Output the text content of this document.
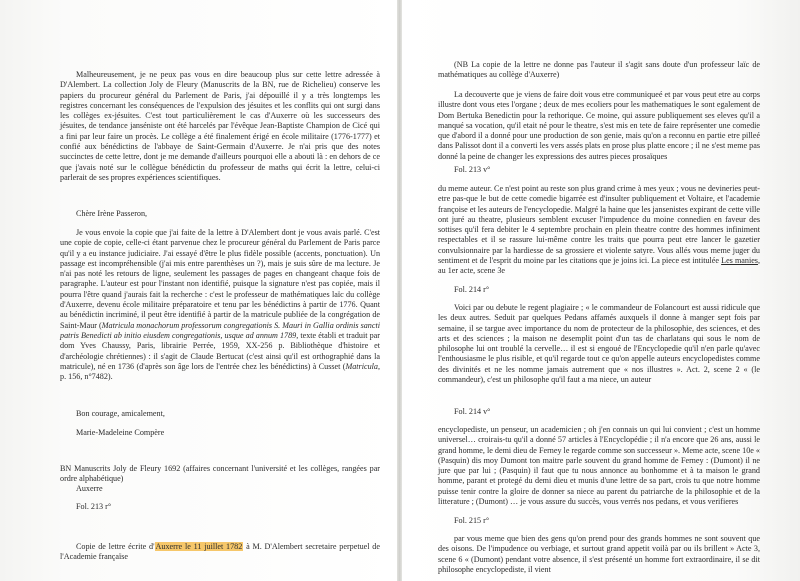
Malheureusement, je ne peux pas vous en dire beaucoup plus sur cette lettre adressée à D'Alembert. La collection Joly de Fleury (Manuscrits de la BN, rue de Richelieu) conserve les papiers du procureur général du Parlement de Paris, j'ai dépouillé il y a très longtemps les registres concernant les conséquences de l'expulsion des jésuites et les conflits qui ont surgi dans les collèges ex-jésuites. C'est tout particulièrement le cas d'Auxerre où les successeurs des jésuites, de tendance janséniste ont été harcelés par l'évêque Jean-Baptiste Champion de Cicé qui a fini par leur faire un procès. Le collège a été finalement érigé en école militaire (1776-1777) et confié aux bénédictins de l'abbaye de Saint-Germain d'Auxerre. Je n'ai pris que des notes succinctes de cette lettre, dont je me demande d'ailleurs pourquoi elle a abouti là : en dehors de ce que j'avais noté sur le collègue bénédictin du professeur de maths qui écrit la lettre, celui-ci parlerait de ses propres expériences scientifiques.

Chère Irène Passeron,

Je vous envoie la copie que j'ai faite de la lettre à D'Alembert dont je vous avais parlé. C'est une copie de copie, celle-ci étant parvenue chez le procureur général du Parlement de Paris parce qu'il y a eu instance judiciaire. J'ai essayé d'être le plus fidèle possible (accents, ponctuation). Un passage est incompréhensible (j'ai mis entre parenthèses un ?), mais je suis sûre de ma lecture. Je n'ai pas noté les retours de ligne, seulement les passages de pages en changeant chaque fois de paragraphe. L'auteur est pour l'instant non identifié, puisque la signature n'est pas copiée, mais il pourra l'être quand j'aurais fait la recherche : c'est le professeur de mathématiques laïc du collège d'Auxerre, devenu école militaire préparatoire et tenu par les bénédictins à partir de 1776. Quant au bénédictin incriminé, il peut être identifié à partir de la matricule publiée de la congrégation de Saint-Maur (Matricula monachorum professorum congregationis S. Mauri in Gallia ordinis sancti patris Benedicti ab initio eiusdem congregationis, usque ad annum 1789, texte établi et traduit par dom Yves Chaussy, Paris, librairie Perrée, 1959, XX-256 p. Bibliothèque d'histoire et d'archéologie chrétiennes) : il s'agit de Claude Bertucat (c'est ainsi qu'il est orthographié dans la matricule), né en 1736 (d'après son âge lors de l'entrée chez les bénédictins) à Cusset (Matricula, p. 156, n°7482).

Bon courage, amicalement,
Marie-Madeleine Compère

BN Manuscrits Joly de Fleury 1692 (affaires concernant l'université et les collèges, rangées par ordre alphabétique)

Auxerre
Fol. 213 r°

Copie de lettre écrite d'Auxerre le 11 juillet 1782 à M. D'Alembert secretaire perpetuel de l'Academie françaïse

(NB La copie de la lettre ne donne pas l'auteur il s'agit sans doute d'un professeur laïc de mathématiques au collège d'Auxerre)

La decouverte que je viens de faire doit vous etre communiqueé et par vous peut etre au corps illustre dont vous etes l'organe ; deux de mes ecoliers pour les mathematiques le sont egalement de Dom Bertuka Benedictin pour la rethorique. Ce moine, qui assure publiquement ses eleves qu'il a manqué sa vocation, qu'il etait né pour le theatre, s'est mis en tete de faire représenter une comedie que d'abord il a donné pour une production de son genie, mais qu'on a reconnu en partie etre pilleé dans Palissot dont il a converti les vers assés plats en prose plus platte encore ; il ne s'est meme pas donné la peine de changer les expressions des autres pieces prosaïques

Fol. 213 v°

du meme auteur. Ce n'est point au reste son plus grand crime à mes yeux ; vous ne devineries peut-etre pas-que le but de cette comedie bigarrée est d'insulter publiquement et Voltaire, et l'academie françoise et les auteurs de l'encyclopedie. Malgré la haine que les jansenistes expirant de cette ville ont juré au theatre, plusieurs semblent excuser l'impudence du moine connedien en faveur des sottises qu'il fera debiter le 4 septembre prochain en plein theatre contre des hommes infiniment respectables et il se rassure lui-même contre les traits que pourra peut etre lancer le gazetier convulsionnaire par la hardiesse de sa grossiere et violente satyre. Vous allés vous meme juger du sentiment et de l'esprit du moine par les citations que je joins ici. La piece est intitulée Les manies, au 1er acte, scene 3e

Fol. 214 r°

Voici par ou debute le regent plagiaire ; « le commandeur de Folancourt est aussi ridicule que les deux autres. Seduit par quelques Pedans affamés auxquels il donne à manger sept fois par semaine, il se targue avec importance du nom de protecteur de la philosophie, des sciences, et des arts et des sciences ; la maison ne desemplit point d'un tas de charlatans qui sous le nom de philosophe lui ont troublé la cervelle… il est si engoué de l'Encyclopedie qu'il n'en parle qu'avec l'enthousiasme le plus risible, et qu'il regarde tout ce qu'on appelle auteurs encyclopedistes comme des divinités et ne les nomme jamais autrement que « nos illustres ». Act. 2, scene 2 « (le commandeur), c'est un philosophe qu'il faut a ma niece, un auteur

Fol. 214 v°

encyclopediste, un penseur, un academicien ; oh j'en connais un qui lui convient ; c'est un homme universel… croirais-tu qu'il a donné 57 articles à l'Encyclopédie ; il n'a encore que 26 ans, aussi le grand homme, le demi dieu de Ferney le regarde comme son successeur ». Meme acte, scene 10e « (Pasquin) dis moy Dumont ton maitre parle souvent du grand homme de Ferney : (Dumont) il ne jure que par lui ; (Pasquin) il faut que tu nous annonce au bonhomme et à ta maison le grand homme, parant et protegé du demi dieu et munis d'une lettre de sa part, crois tu que notre homme puisse tenir contre la gloire de donner sa niece au parent du patriarche de la philosophie et de la litterature ; (Dumont) … je vous assure du succès, vous verrés nos pedans, et vous verifieres

Fol. 215 r°

par vous meme que bien des gens qu'on prend pour des grands hommes ne sont souvent que des oisons. De l'impudence ou verbiage, et surtout grand appetit voilà par ou ils brillent » Acte 3, scene 6 « (Dumont) pendant votre absence, il s'est présenté un homme fort extraordinaire, il se dit philosophe encyclopediste, il vient
